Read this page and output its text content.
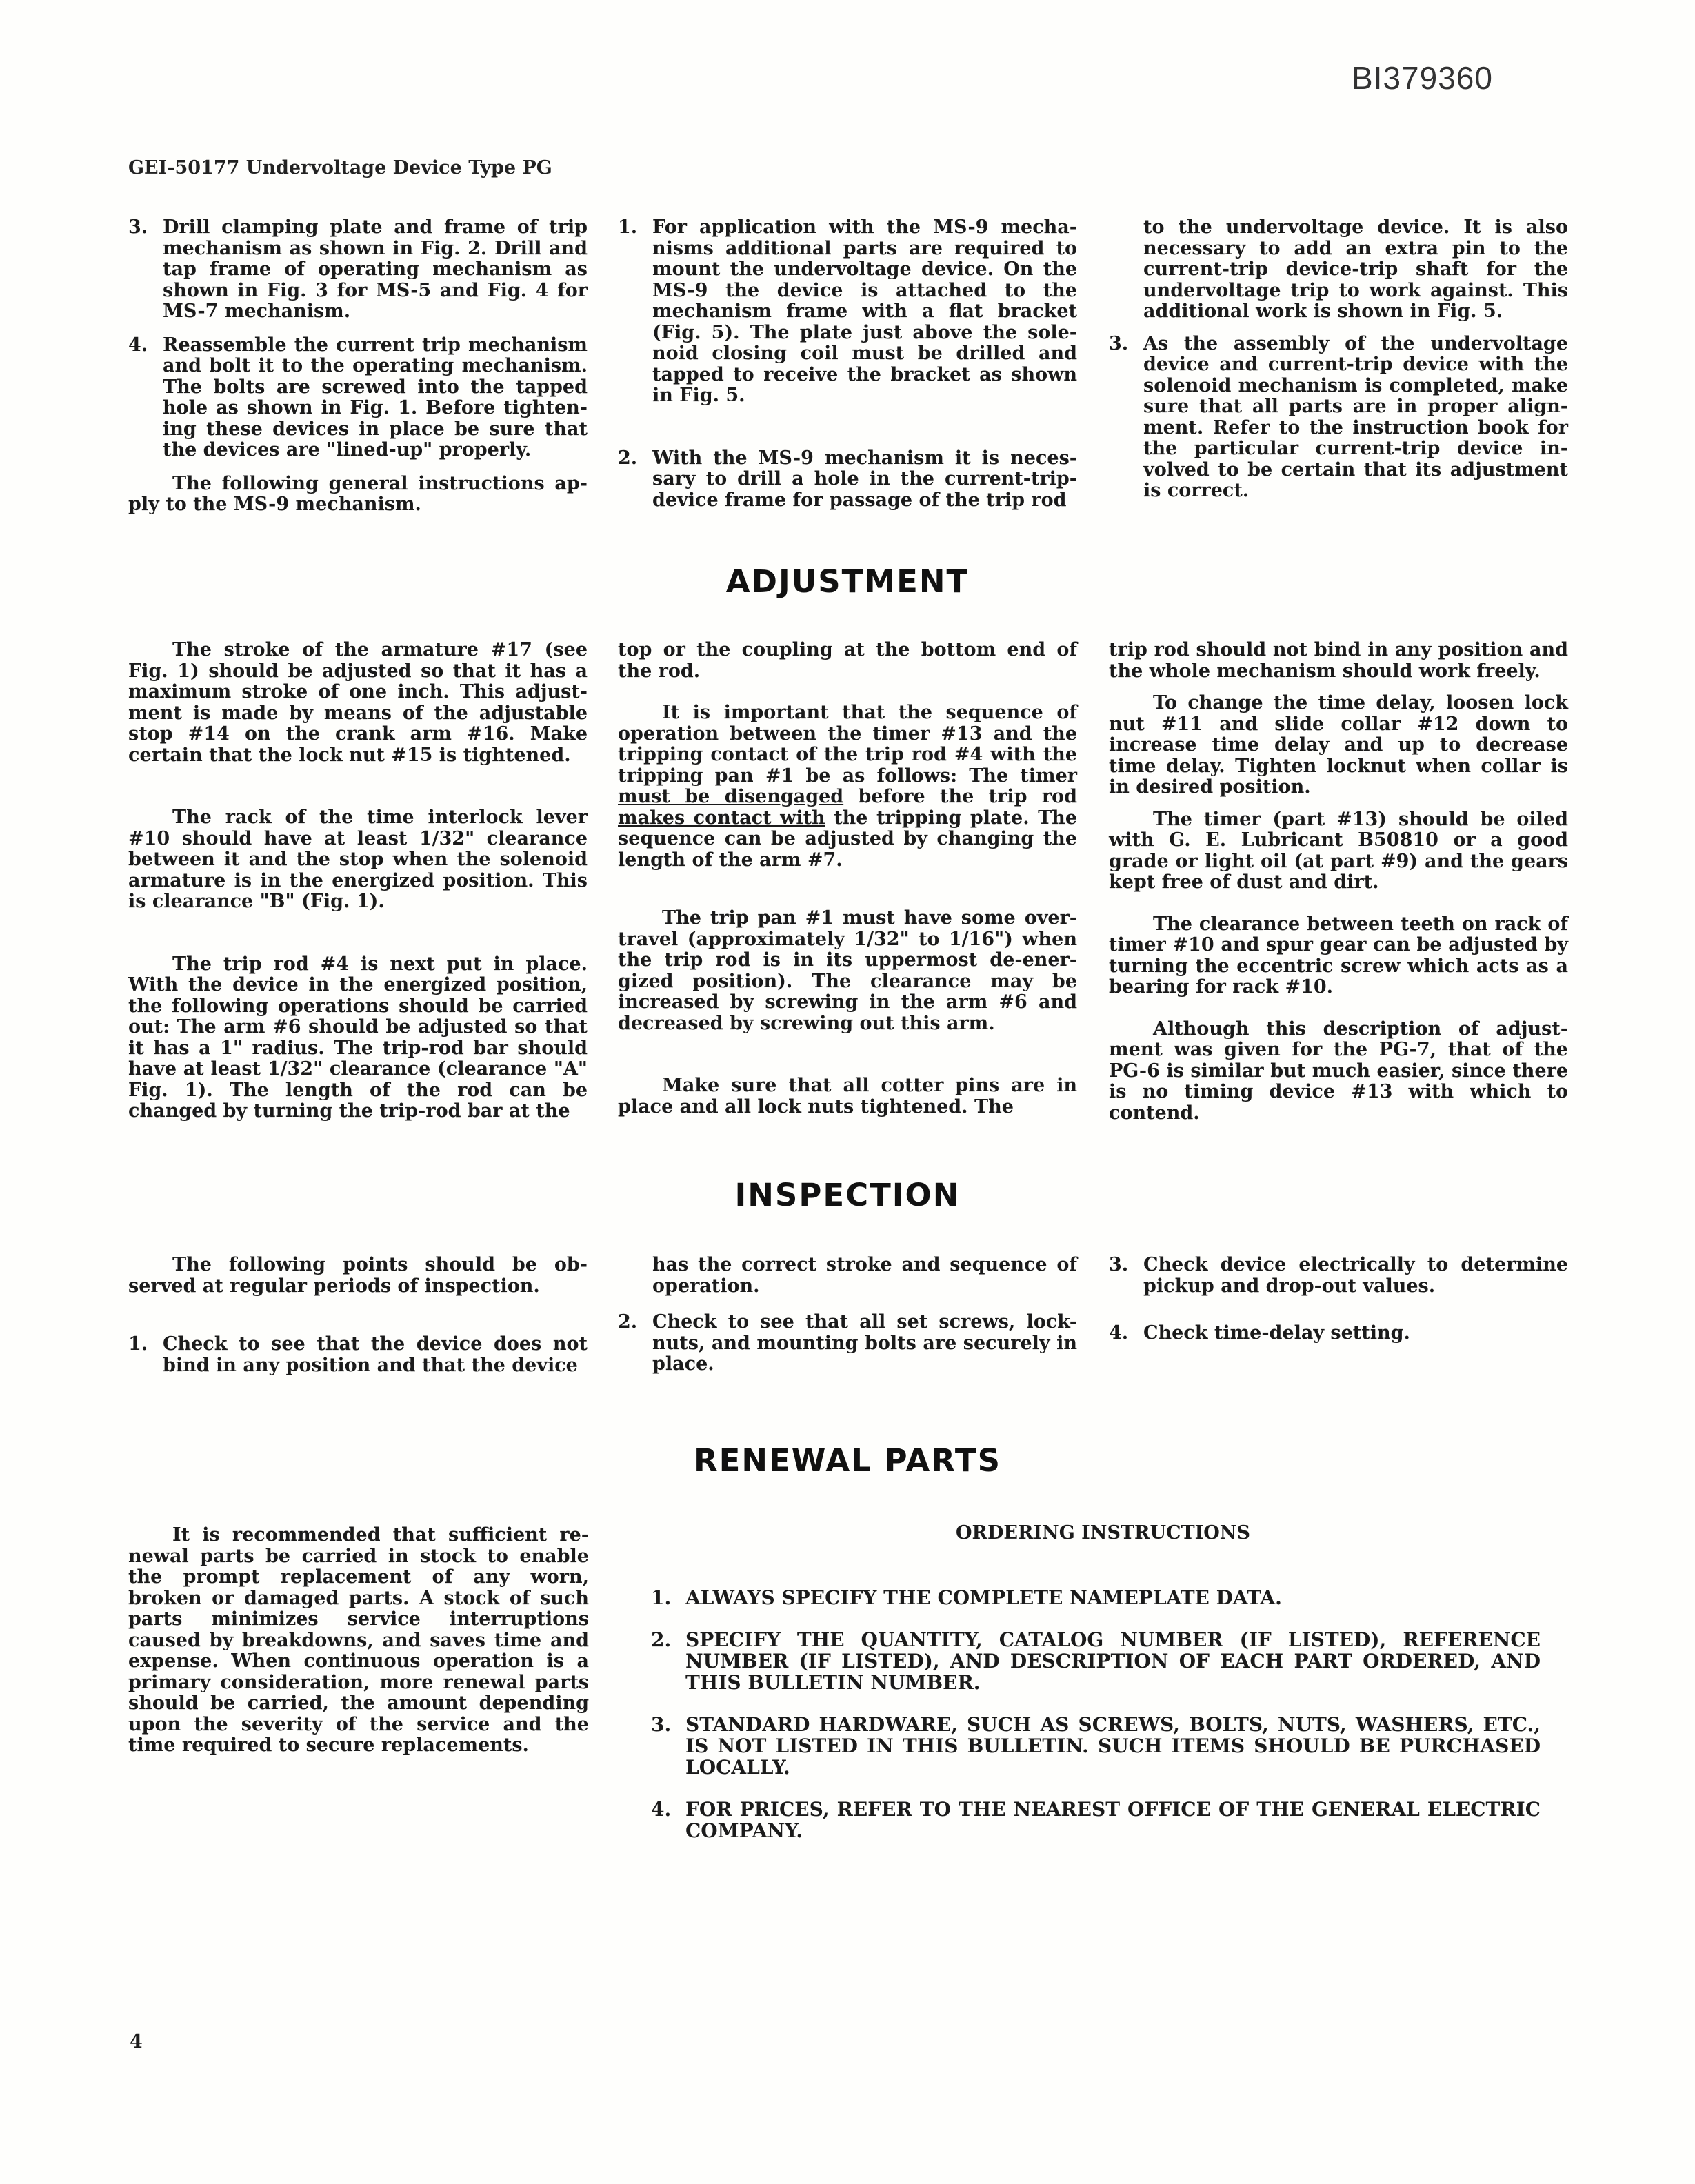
BI379360
GEI-50177 Undervoltage Device Type PG
3. Drill clamping plate and frame of trip mechanism as shown in Fig. 2. Drill and tap frame of operating mechanism as shown in Fig. 3 for MS-5 and Fig. 4 for MS-7 mechanism.
4. Reassemble the current trip mechanism and bolt it to the operating mechanism. The bolts are screwed into the tapped hole as shown in Fig. 1. Before tighten-ing these devices in place be sure that the devices are "lined-up" properly.

The following general instructions ap-ply to the MS-9 mechanism.

1. For application with the MS-9 mecha-nisms additional parts are required to mount the undervoltage device. On the MS-9 the device is attached to the mechanism frame with a flat bracket (Fig. 5). The plate just above the sole-noid closing coil must be drilled and tapped to receive the bracket as shown in Fig. 5.
2. With the MS-9 mechanism it is neces-sary to drill a hole in the current-trip-device frame for passage of the trip rod

to the undervoltage device. It is also necessary to add an extra pin to the current-trip device-trip shaft for the undervoltage trip to work against. This additional work is shown in Fig. 5.

3. As the assembly of the undervoltage device and current-trip device with the solenoid mechanism is completed, make sure that all parts are in proper align-ment. Refer to the instruction book for the particular current-trip device in-volved to be certain that its adjustment is correct.
ADJUSTMENT

The stroke of the armature #17 (see Fig. 1) should be adjusted so that it has a maximum stroke of one inch. This adjust-ment is made by means of the adjustable stop #14 on the crank arm #16. Make certain that the lock nut #15 is tightened.

The rack of the time interlock lever #10 should have at least 1/32" clearance between it and the stop when the solenoid armature is in the energized position. This is clearance "B" (Fig. 1).

The trip rod #4 is next put in place. With the device in the energized position, the following operations should be carried out: The arm #6 should be adjusted so that it has a 1" radius. The trip-rod bar should have at least 1/32" clearance (clearance "A" Fig. 1). The length of the rod can be changed by turning the trip-rod bar at the

top or the coupling at the bottom end of the rod.

It is important that the sequence of operation between the timer #13 and the tripping contact of the trip rod #4 with the tripping pan #1 be as follows: The timer must be disengaged before the trip rod makes contact with the tripping plate. The sequence can be adjusted by changing the length of the arm #7.

The trip pan #1 must have some over-travel (approximately 1/32" to 1/16") when the trip rod is in its uppermost de-ener-gized position). The clearance may be increased by screwing in the arm #6 and decreased by screwing out this arm.

Make sure that all cotter pins are in place and all lock nuts tightened. The

trip rod should not bind in any position and the whole mechanism should work freely.

To change the time delay, loosen lock nut #11 and slide collar #12 down to increase time delay and up to decrease time delay. Tighten locknut when collar is in desired position.

The timer (part #13) should be oiled with G. E. Lubricant B50810 or a good grade or light oil (at part #9) and the gears kept free of dust and dirt.

The clearance between teeth on rack of timer #10 and spur gear can be adjusted by turning the eccentric screw which acts as a bearing for rack #10.

Although this description of adjust-ment was given for the PG-7, that of the PG-6 is similar but much easier, since there is no timing device #13 with which to contend.

INSPECTION

The following points should be ob-served at regular periods of inspection.

1. Check to see that the device does not bind in any position and that the device

has the correct stroke and sequence of operation.

2. Check to see that all set screws, lock-nuts, and mounting bolts are securely in place.
3. Check device electrically to determine pickup and drop-out values.
4. Check time-delay setting.
RENEWAL PARTS

It is recommended that sufficient re-newal parts be carried in stock to enable the prompt replacement of any worn, broken or damaged parts. A stock of such parts minimizes service interruptions caused by breakdowns, and saves time and expense. When continuous operation is a primary consideration, more renewal parts should be carried, the amount depending upon the severity of the service and the time required to secure replacements.

ORDERING INSTRUCTIONS
1. ALWAYS SPECIFY THE COMPLETE NAMEPLATE DATA.
2. SPECIFY THE QUANTITY, CATALOG NUMBER (IF LISTED), REFERENCE NUMBER (IF LISTED), AND DESCRIPTION OF EACH PART ORDERED, AND THIS BULLETIN NUMBER.
3. STANDARD HARDWARE, SUCH AS SCREWS, BOLTS, NUTS, WASHERS, ETC., IS NOT LISTED IN THIS BULLETIN. SUCH ITEMS SHOULD BE PURCHASED LOCALLY.
4. FOR PRICES, REFER TO THE NEAREST OFFICE OF THE GENERAL ELECTRIC COMPANY.
4
